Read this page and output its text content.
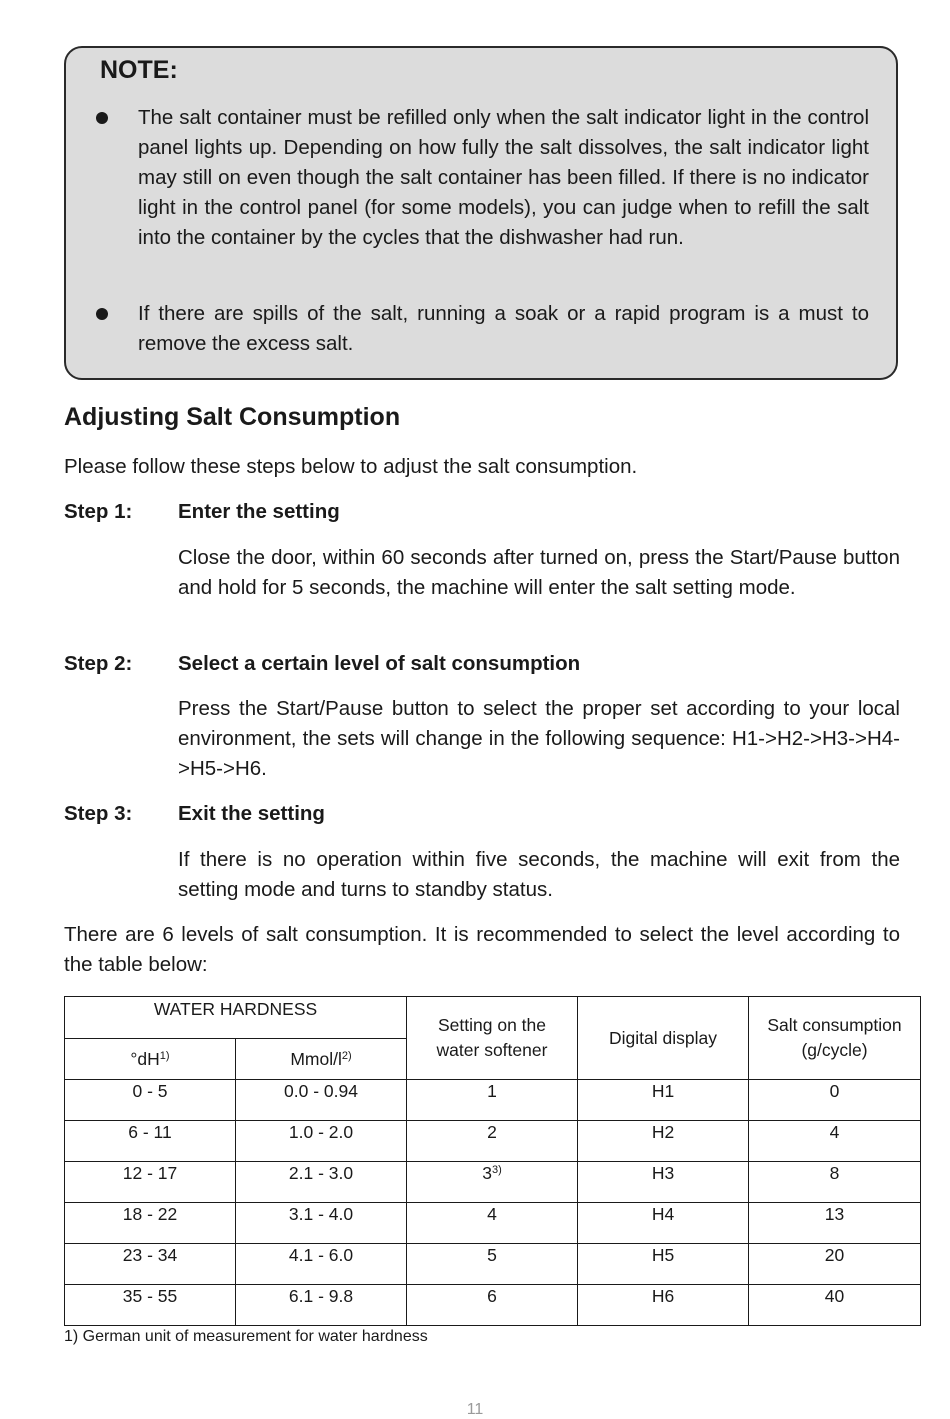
NOTE:
The salt container must be refilled only when the salt indicator light in the control panel lights up. Depending on how fully the salt dissolves, the salt indicator light may still on even though the salt container has been filled. If there is no indicator light in the control panel (for some models), you can judge when to refill the salt into the container by the cycles that the dishwasher had run.
If there are spills of the salt, running a soak or a rapid program is a must to remove the excess salt.
Adjusting Salt Consumption
Please follow these steps below to adjust the salt consumption.
Step 1: Enter the setting
Close the door, within 60 seconds after turned on, press the Start/Pause button and hold for 5 seconds, the machine will enter the salt setting mode.
Step 2: Select a certain level of salt consumption
Press the Start/Pause button to select the proper set according to your local environment, the sets will change in the following sequence: H1->H2->H3->H4->H5->H6.
Step 3: Exit the setting
If there is no operation within five seconds, the machine will exit from the setting mode and turns to standby status.
There are 6 levels of salt consumption. It is recommended to select the level according to the table below:
WATER HARDNESS		Setting on the water softener	Digital display	Salt consumption (g/cycle)
$^\circ dH^{1)}$	Mmol/$l^{2)}$
0 - 5	0.0 - 0.94	1	H1	0
6 - 11	1.0 - 2.0	2	H2	4
12 - 17	2.1 - 3.0	3$^{3)}$	H3	8
18 - 22	3.1 - 4.0	4	H4	13
23 - 34	4.1 - 6.0	5	H5	20
35 - 55	6.1 - 9.8	6	H6	40
1) German unit of measurement for water hardness
11
